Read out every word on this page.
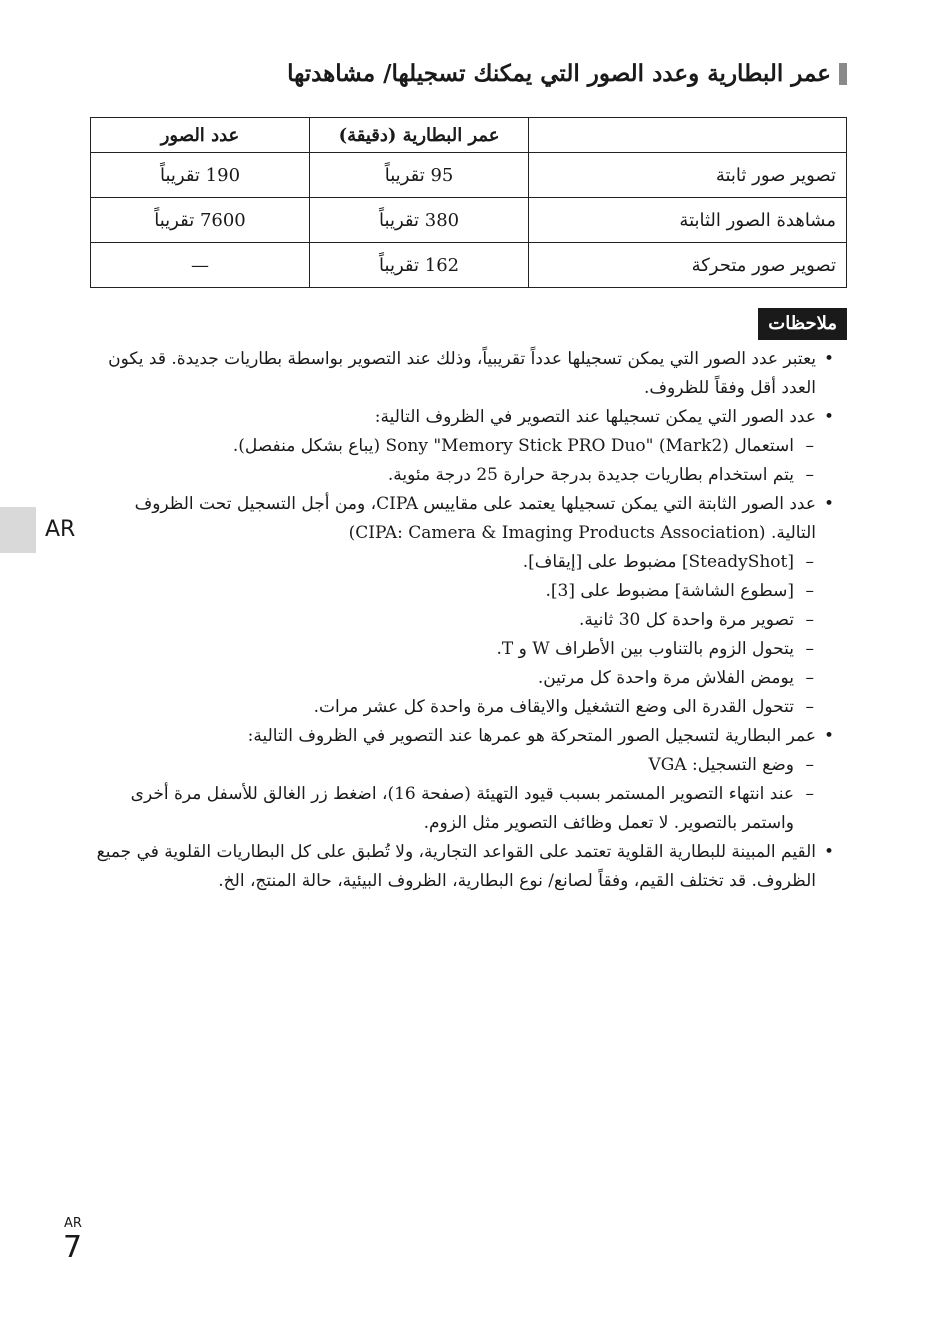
عمر البطارية وعدد الصور التي يمكنك تسجيلها/ مشاهدتها
	عمر البطارية (دقيقة)	عدد الصور
تصوير صور ثابتة	95 تقريباً	190 تقريباً
مشاهدة الصور الثابتة	380 تقريباً	7600 تقريباً
تصوير صور متحركة	162 تقريباً	—
ملاحظات
• يعتبر عدد الصور التي يمكن تسجيلها عدداً تقريبياً، وذلك عند التصوير بواسطة بطاريات جديدة. قد يكون العدد أقل وفقاً للظروف.
• عدد الصور التي يمكن تسجيلها عند التصوير في الظروف التالية:
– استعمال Sony "Memory Stick PRO Duo" (Mark2) (يباع بشكل منفصل).
– يتم استخدام بطاريات جديدة بدرجة حرارة 25 درجة مئوية.
• عدد الصور الثابتة التي يمكن تسجيلها يعتمد على مقاييس CIPA، ومن أجل التسجيل تحت الظروف التالية. (CIPA: Camera & Imaging Products Association)
– [SteadyShot] مضبوط على [إيقاف].
– [سطوع الشاشة] مضبوط على [3].
– تصوير مرة واحدة كل 30 ثانية.
– يتحول الزوم بالتناوب بين الأطراف W و T.
– يومض الفلاش مرة واحدة كل مرتين.
– تتحول القدرة الى وضع التشغيل والايقاف مرة واحدة كل عشر مرات.
• عمر البطارية لتسجيل الصور المتحركة هو عمرها عند التصوير في الظروف التالية:
– وضع التسجيل: VGA
– عند انتهاء التصوير المستمر بسبب قيود التهيئة (صفحة 16)، اضغط زر الغالق للأسفل مرة أخرى واستمر بالتصوير. لا تعمل وظائف التصوير مثل الزوم.
• القيم المبينة للبطارية القلوية تعتمد على القواعد التجارية، ولا تُطبق على كل البطاريات القلوية في جميع الظروف. قد تختلف القيم، وفقاً لصانع/ نوع البطارية، الظروف البيئية، حالة المنتج، الخ.
AR
AR
7
